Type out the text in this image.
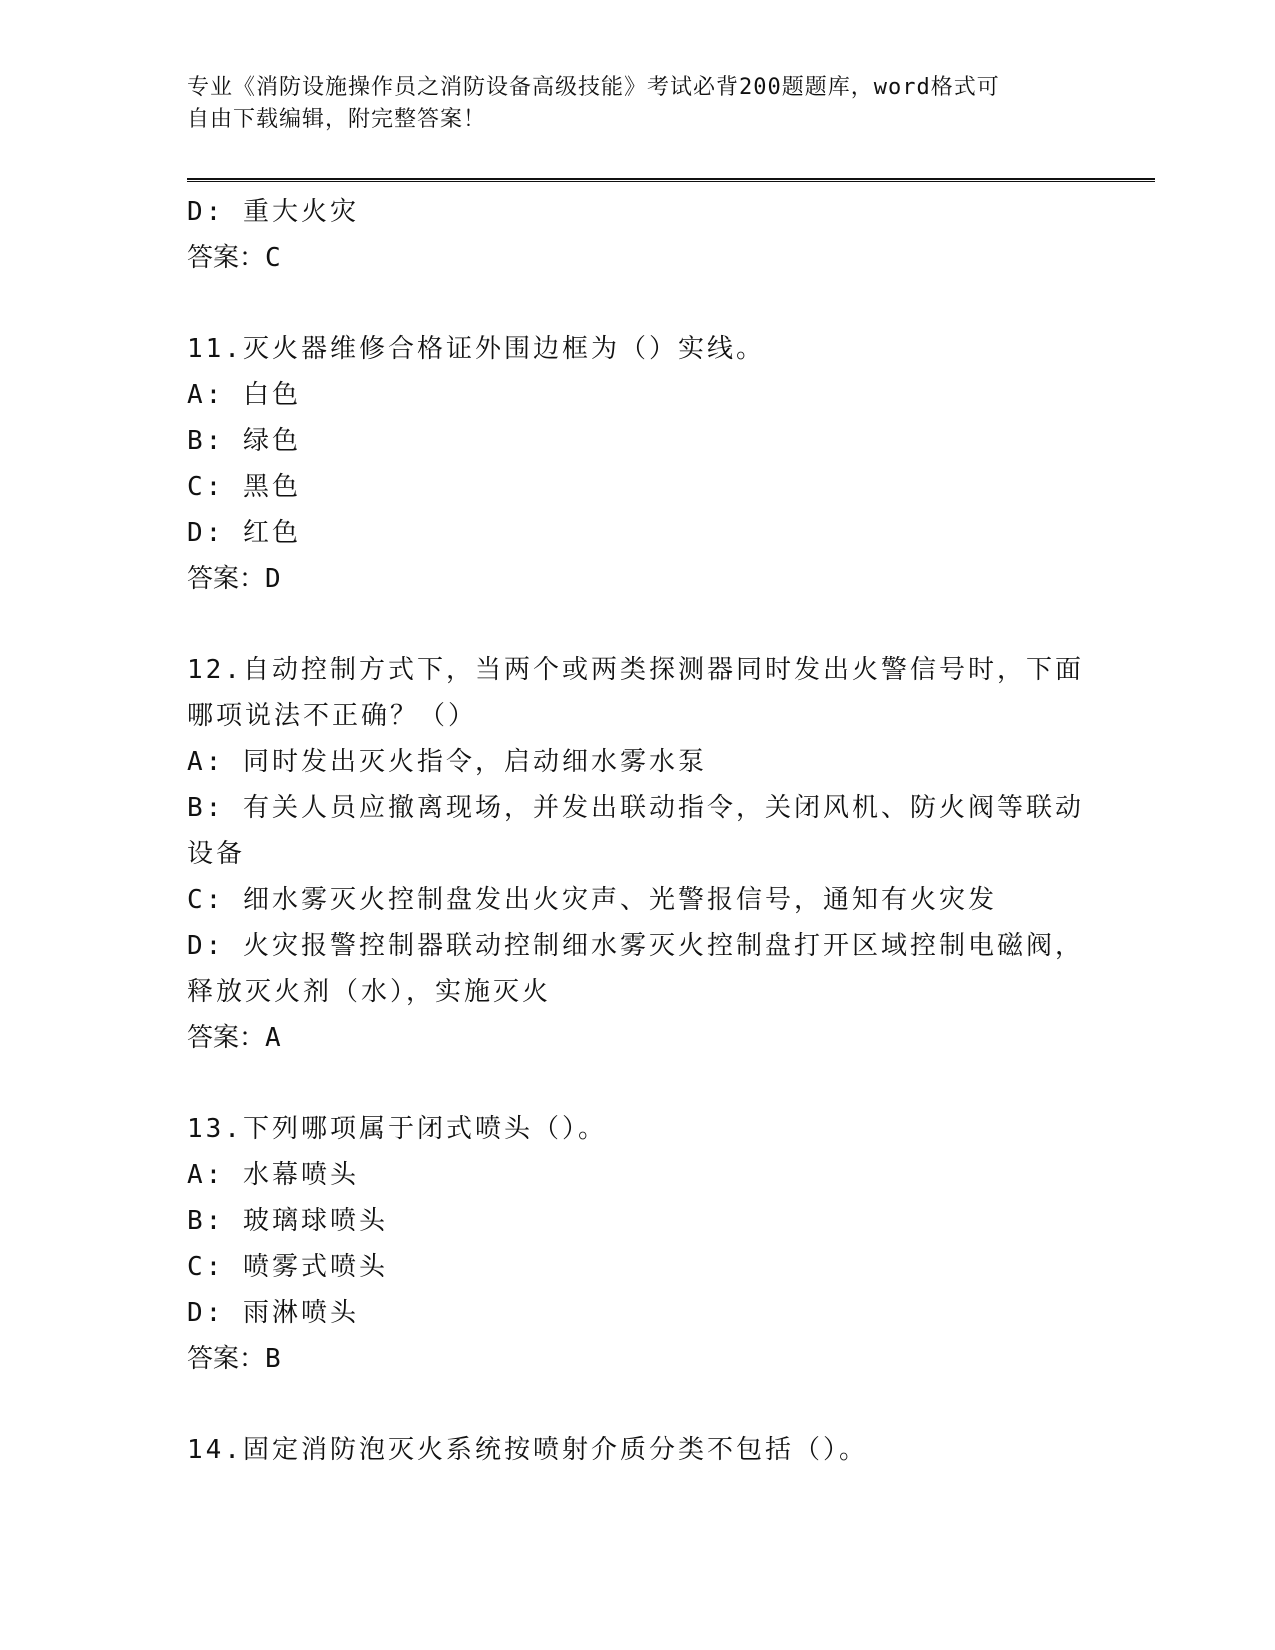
专业《消防设施操作员之消防设备高级技能》考试必背200题题库，word格式可
自由下载编辑，附完整答案！
D: 重大火灾
答案：C
11.灭火器维修合格证外围边框为（）实线。
A: 白色
B: 绿色
C: 黑色
D: 红色
答案：D
12.自动控制方式下，当两个或两类探测器同时发出火警信号时，下面
哪项说法不正确？（）
A: 同时发出灭火指令，启动细水雾水泵
B: 有关人员应撤离现场，并发出联动指令，关闭风机、防火阀等联动
设备
C: 细水雾灭火控制盘发出火灾声、光警报信号，通知有火灾发
D: 火灾报警控制器联动控制细水雾灭火控制盘打开区域控制电磁阀，
释放灭火剂（水），实施灭火
答案：A
13.下列哪项属于闭式喷头（）。
A: 水幕喷头
B: 玻璃球喷头
C: 喷雾式喷头
D: 雨淋喷头
答案：B
14.固定消防泡灭火系统按喷射介质分类不包括（）。
